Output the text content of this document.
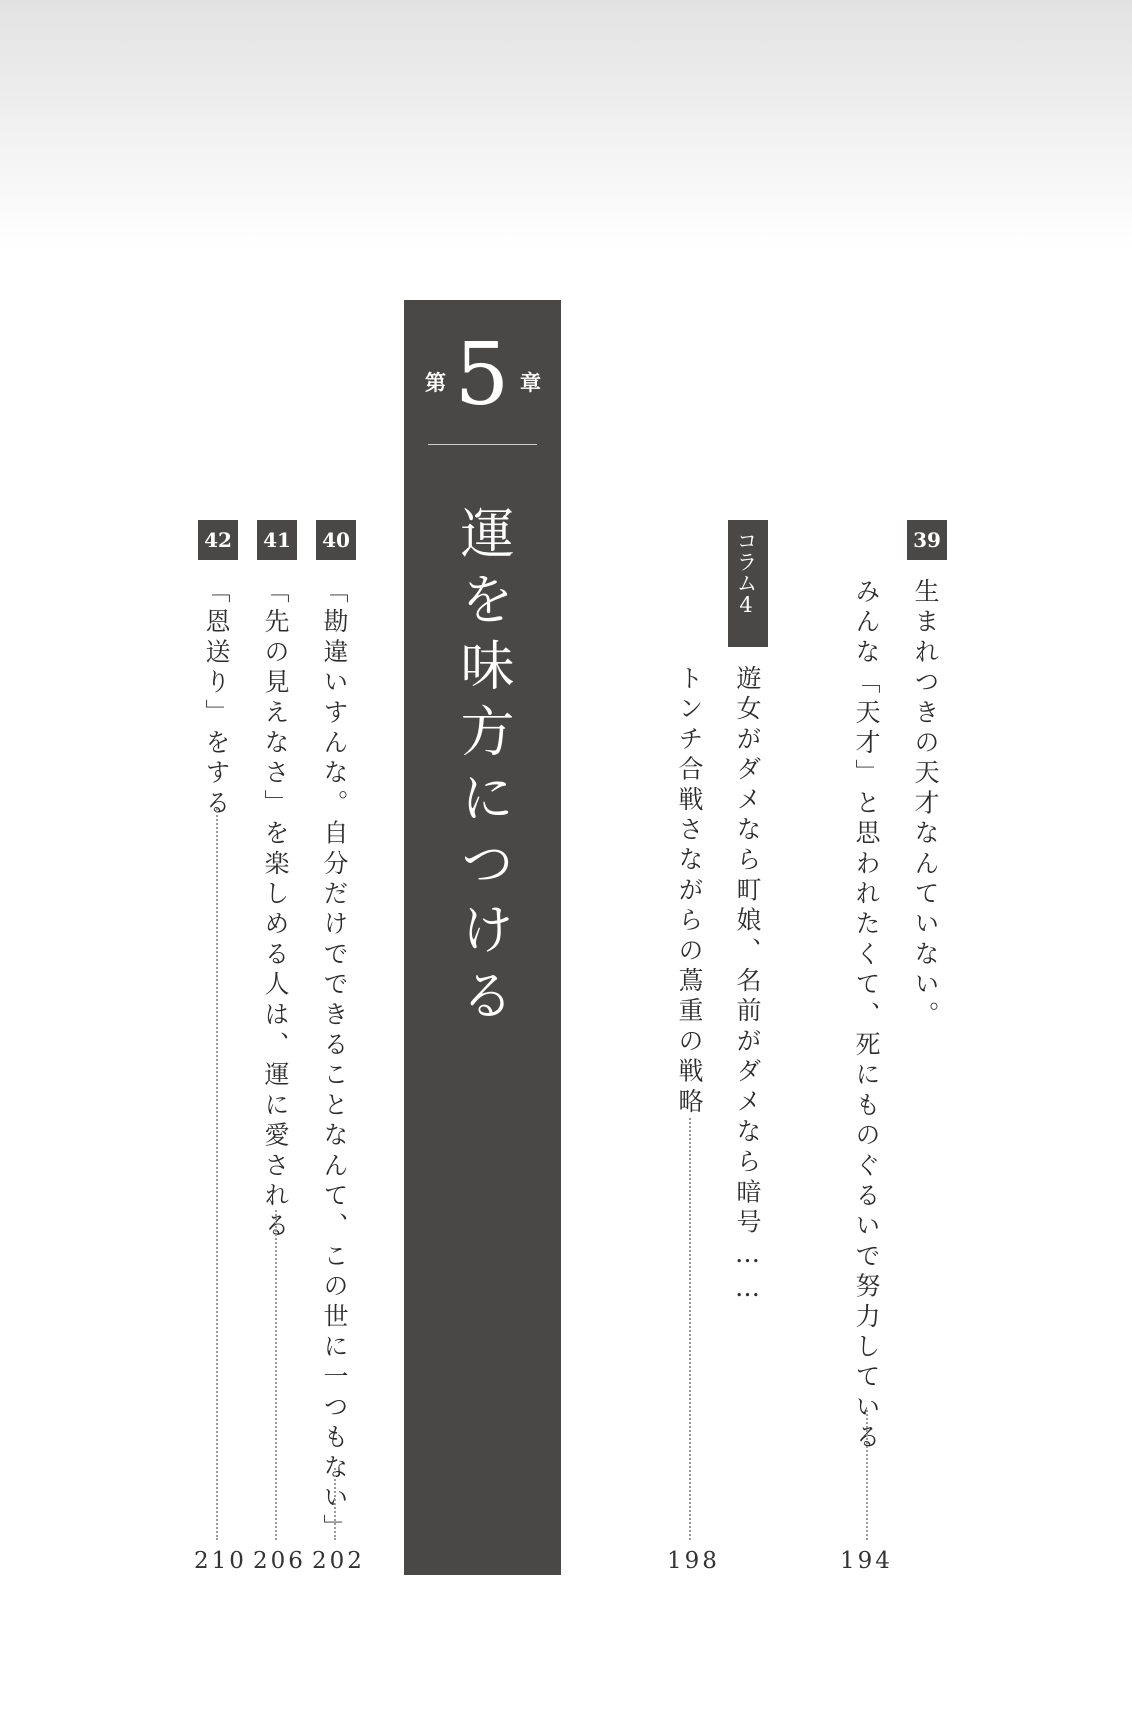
第 5 章
運を味方につける	39
生まれつきの天才なんていない。
みんな「天才」と思われたくて、死にものぐるいで努力している
194
コラム4
遊女がダメなら町娘、名前がダメなら暗号……
トンチ合戦さながらの蔦重の戦略
198
40
「勘違いすんな。自分だけでできることなんて、この世に一つもない」
202
41
「先の見えなさ」を楽しめる人は、運に愛される
206
42
「恩送り」をする
210
